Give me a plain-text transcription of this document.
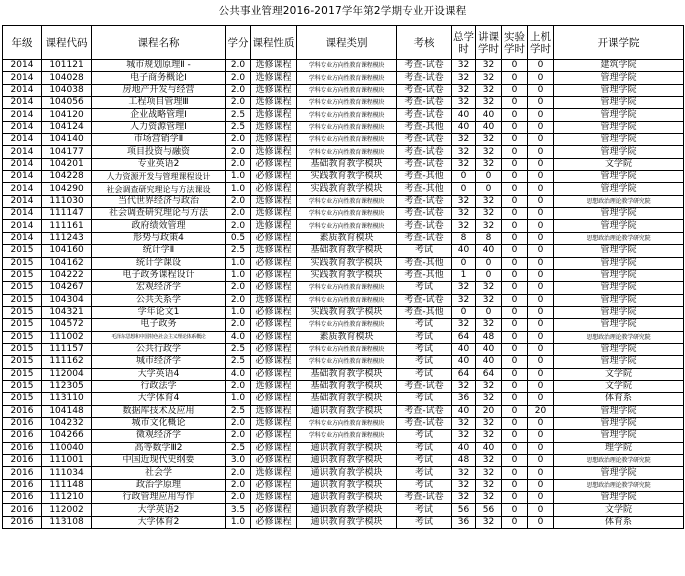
公共事业管理2016-2017学年第2学期专业开设课程
年级	课程代码	课程名称	学分	课程性质	课程类别	考核	总学时	讲课学时	实验学时	上机学时	开课学院
2014	101121	城市规划原理Ⅱ -	2.0	选修课程	学科专业方向性教育课程模块	考查-试卷	32	32	0	0	建筑学院
2014	104028	电子商务概论Ⅰ	2.0	选修课程	学科专业方向性教育课程模块	考查-试卷	32	32	0	0	管理学院
2014	104038	房地产开发与经营	2.0	选修课程	学科专业方向性教育课程模块	考查-试卷	32	32	0	0	管理学院
2014	104056	工程项目管理Ⅲ	2.0	选修课程	学科专业方向性教育课程模块	考查-试卷	32	32	0	0	管理学院
2014	104120	企业战略管理Ⅰ	2.5	选修课程	学科专业方向性教育课程模块	考查-试卷	40	40	0	0	管理学院
2014	104124	人力资源管理Ⅰ	2.5	选修课程	学科专业方向性教育课程模块	考查-其他	40	40	0	0	管理学院
2014	104140	市场营销学Ⅱ	2.0	选修课程	学科专业方向性教育课程模块	考查-试卷	32	32	0	0	管理学院
2014	104177	项目投资与融资	2.0	选修课程	学科专业方向性教育课程模块	考查-试卷	32	32	0	0	管理学院
2014	104201	专业英语2	2.0	必修课程	基础教育教学模块	考查-试卷	32	32	0	0	文学院
2014	104228	人力资源开发与管理课程设计	1.0	必修课程	实践教育教学模块	考查-其他	0	0	0	0	管理学院
2014	104290	社会调查研究理论与方法课设	1.0	必修课程	实践教育教学模块	考查-其他	0	0	0	0	管理学院
2014	111030	当代世界经济与政治	2.0	选修课程	学科专业方向性教育课程模块	考查-试卷	32	32	0	0	思想政治理论教学研究院
2014	111147	社会调查研究理论与方法	2.0	选修课程	学科专业方向性教育课程模块	考查-试卷	32	32	0	0	管理学院
2014	111161	政府绩效管理	2.0	选修课程	学科专业方向性教育课程模块	考查-试卷	32	32	0	0	管理学院
2014	111243	形势与政策4	0.5	必修课程	素质教育模块	考查-试卷	8	8	0	0	思想政治理论教学研究院
2015	104160	统计学Ⅱ	2.5	选修课程	基础教育教学模块	考试	40	40	0	0	管理学院
2015	104162	统计学课设	1.0	必修课程	实践教育教学模块	考查-其他	0	0	0	0	管理学院
2015	104222	电子政务课程设计	1.0	必修课程	实践教育教学模块	考查-其他	1	0	0	0	管理学院
2015	104267	宏观经济学	2.0	必修课程	学科专业方向性教育课程模块	考试	32	32	0	0	管理学院
2015	104304	公共关系学	2.0	选修课程	学科专业方向性教育课程模块	考查-试卷	32	32	0	0	管理学院
2015	104321	学年论文1	1.0	必修课程	实践教育教学模块	考查-其他	0	0	0	0	管理学院
2015	104572	电子政务	2.0	必修课程	学科专业方向性教育课程模块	考试	32	32	0	0	管理学院
2015	111002	毛泽东思想和中国特色社会主义理论体系概论	4.0	必修课程	素质教育模块	考试	64	48	0	0	思想政治理论教学研究院
2015	111157	公共行政学	2.5	必修课程	学科专业方向性教育课程模块	考试	40	40	0	0	管理学院
2015	111162	城市经济学	2.5	必修课程	学科专业方向性教育课程模块	考试	40	40	0	0	管理学院
2015	112004	大学英语4	4.0	必修课程	基础教育教学模块	考试	64	64	0	0	文学院
2015	112305	行政法学	2.0	选修课程	基础教育教学模块	考查-试卷	32	32	0	0	文学院
2015	113110	大学体育4	1.0	必修课程	基础教育教学模块	考试	36	32	0	0	体育系
2016	104148	数据库技术及应用	2.5	选修课程	通识教育教学模块	考查-试卷	40	20	0	20	管理学院
2016	104232	城市文化概论	2.0	选修课程	学科专业方向性教育课程模块	考查-试卷	32	32	0	0	管理学院
2016	104266	微观经济学	2.0	必修课程	学科专业方向性教育课程模块	考试	32	32	0	0	管理学院
2016	110040	高等数学Ⅲ2	2.5	必修课程	通识教育教学模块	考试	40	40	0	0	理学院
2016	111001	中国近现代史纲要	3.0	必修课程	通识教育教学模块	考试	48	32	0	0	思想政治理论教学研究院
2016	111034	社会学	2.0	选修课程	通识教育教学模块	考试	32	32	0	0	管理学院
2016	111148	政治学原理	2.0	必修课程	通识教育教学模块	考试	32	32	0	0	思想政治理论教学研究院
2016	111210	行政管理应用写作	2.0	选修课程	通识教育教学模块	考查-试卷	32	32	0	0	管理学院
2016	112002	大学英语2	3.5	必修课程	通识教育教学模块	考试	56	56	0	0	文学院
2016	113108	大学体育2	1.0	必修课程	通识教育教学模块	考试	36	32	0	0	体育系
